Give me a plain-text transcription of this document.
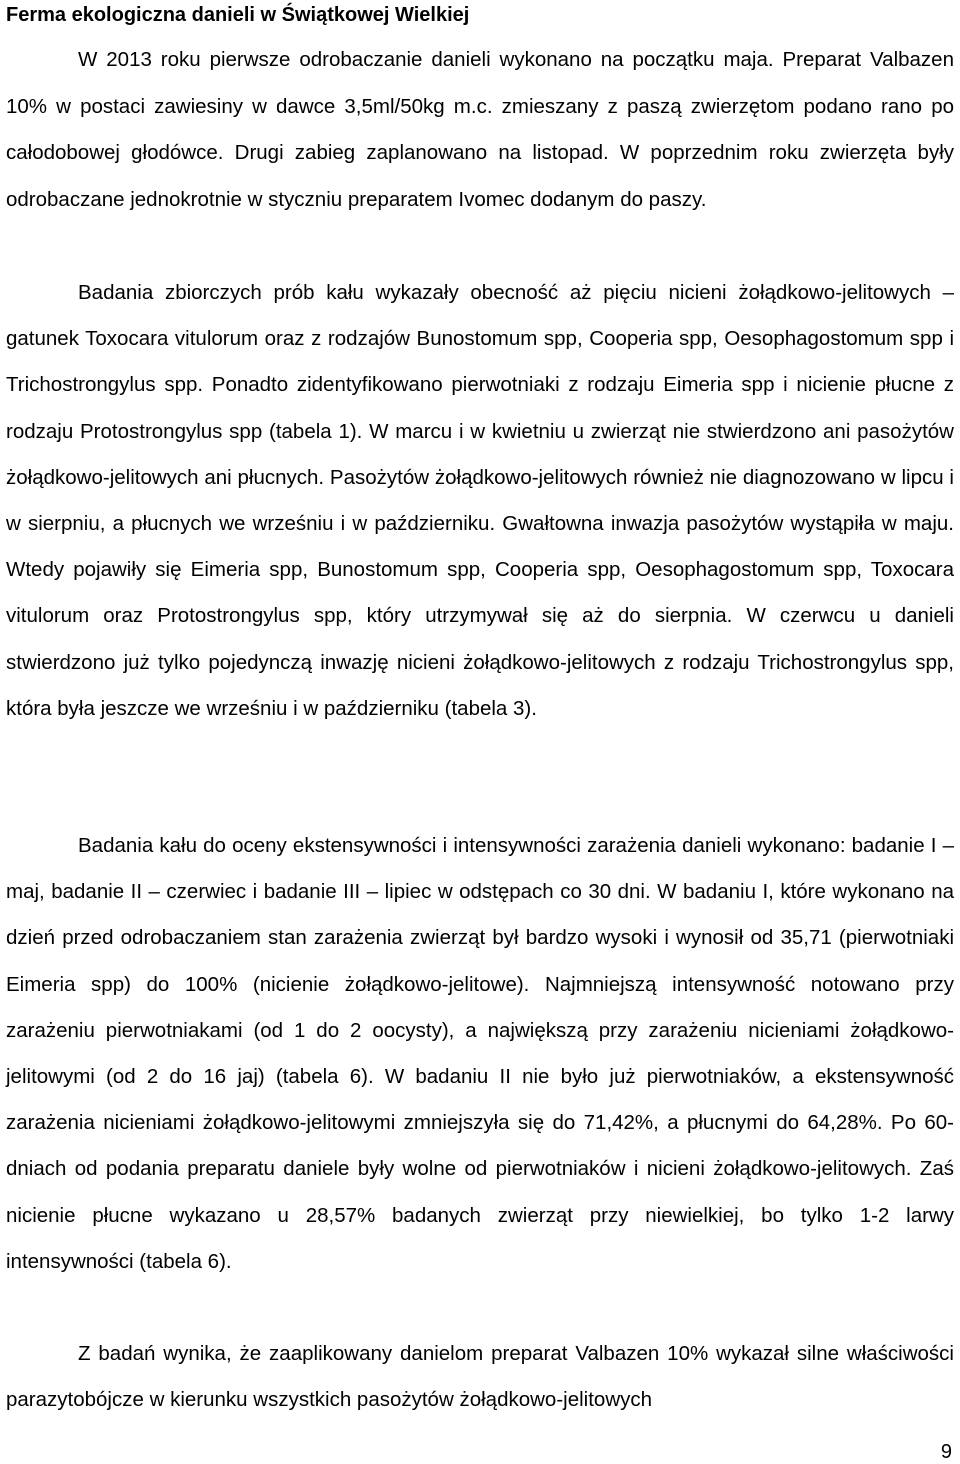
Ferma ekologiczna danieli w Świątkowej Wielkiej

W 2013 roku pierwsze odrobaczanie danieli wykonano na początku maja. Preparat Valbazen 10% w postaci zawiesiny w dawce 3,5ml/50kg m.c. zmieszany z paszą zwierzętom podano rano po całodobowej głodówce. Drugi zabieg zaplanowano na listopad. W poprzednim roku zwierzęta były odrobaczane jednokrotnie w styczniu preparatem Ivomec dodanym do paszy.

Badania zbiorczych prób kału wykazały obecność aż pięciu nicieni żołądkowo-jelitowych – gatunek Toxocara vitulorum oraz z rodzajów Bunostomum spp, Cooperia spp, Oesophagostomum spp i Trichostrongylus spp. Ponadto zidentyfikowano pierwotniaki z rodzaju Eimeria spp i nicienie płucne z rodzaju Protostrongylus spp (tabela 1). W marcu i w kwietniu u zwierząt nie stwierdzono ani pasożytów żołądkowo-jelitowych ani płucnych. Pasożytów żołądkowo-jelitowych również nie diagnozowano w lipcu i w sierpniu, a płucnych we wrześniu i w październiku. Gwałtowna inwazja pasożytów wystąpiła w maju. Wtedy pojawiły się Eimeria spp, Bunostomum spp, Cooperia spp, Oesophagostomum spp, Toxocara vitulorum oraz Protostrongylus spp, który utrzymywał się aż do sierpnia. W czerwcu u danieli stwierdzono już tylko pojedynczą inwazję nicieni żołądkowo-jelitowych z rodzaju Trichostrongylus spp, która była jeszcze we wrześniu i w październiku (tabela 3).

Badania kału do oceny ekstensywności i intensywności zarażenia danieli wykonano: badanie I – maj, badanie II – czerwiec i badanie III – lipiec w odstępach co 30 dni. W badaniu I, które wykonano na dzień przed odrobaczaniem stan zarażenia zwierząt był bardzo wysoki i wynosił od 35,71 (pierwotniaki Eimeria spp) do 100% (nicienie żołądkowo-jelitowe). Najmniejszą intensywność notowano przy zarażeniu pierwotniakami (od 1 do 2 oocysty), a największą przy zarażeniu nicieniami żołądkowo-jelitowymi (od 2 do 16 jaj) (tabela 6). W badaniu II nie było już pierwotniaków, a ekstensywność zarażenia nicieniami żołądkowo-jelitowymi zmniejszyła się do 71,42%, a płucnymi do 64,28%. Po 60-dniach od podania preparatu daniele były wolne od pierwotniaków i nicieni żołądkowo-jelitowych. Zaś nicienie płucne wykazano u 28,57% badanych zwierząt przy niewielkiej, bo tylko 1-2 larwy intensywności (tabela 6).

Z badań wynika, że zaaplikowany danielom preparat Valbazen 10% wykazał silne właściwości parazytobójcze w kierunku wszystkich pasożytów żołądkowo-jelitowych

9
